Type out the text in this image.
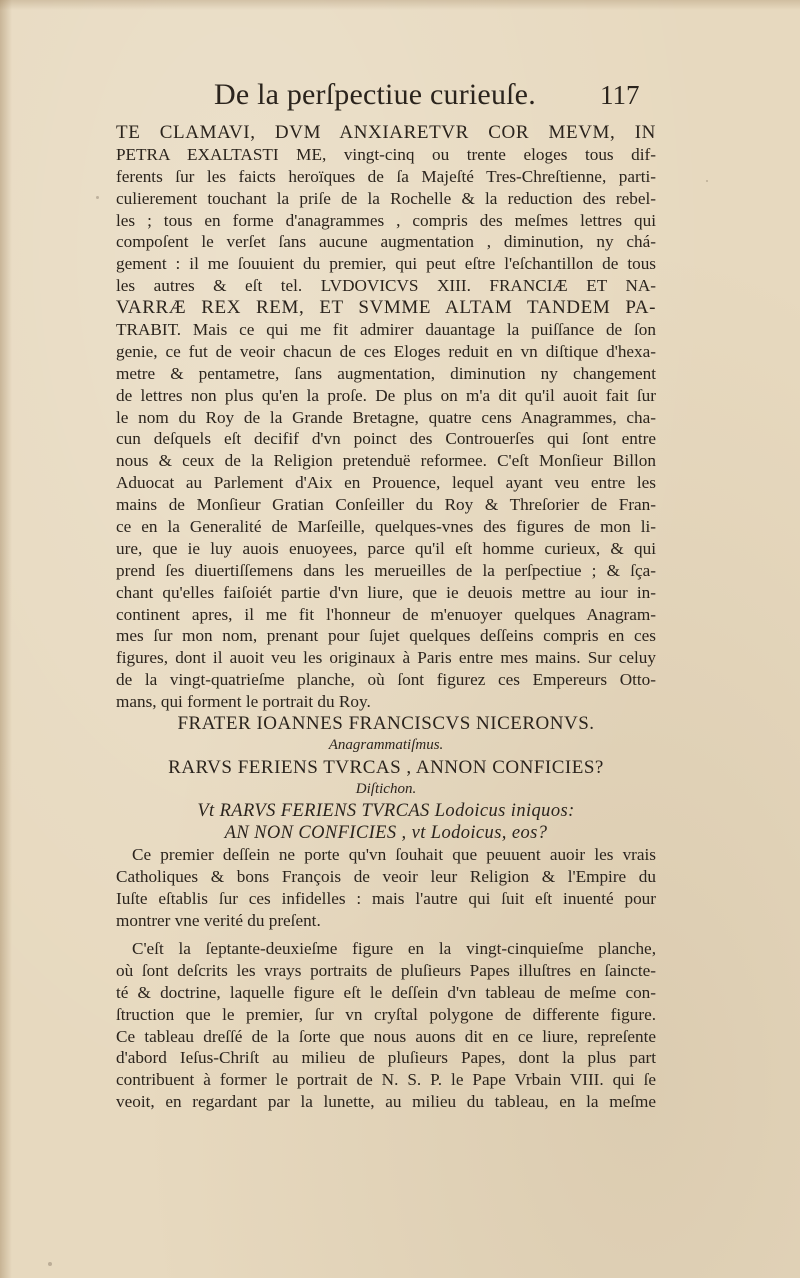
De la perſpectiue curieuſe. 117
TE CLAMAVI, DVM ANXIARETVR COR MEVM, IN
PETRA EXALTASTI ME, vingt-cinq ou trente eloges tous dif-
ferents ſur les faicts heroïques de ſa Majeſté Tres-Chreſtienne, parti-
culierement touchant la priſe de la Rochelle & la reduction des rebel-
les ; tous en forme d'anagrammes , compris des meſmes lettres qui
compoſent le verſet ſans aucune augmentation , diminution, ny chá-
gement : il me ſouuient du premier, qui peut eſtre l'eſchantillon de tous
les autres & eſt tel. LVDOVICVS XIII. FRANCIÆ ET NA-
VARRÆ REX REM, ET SVMME ALTAM TANDEM PA-
TRABIT. Mais ce qui me fit admirer dauantage la puiſſance de ſon
genie, ce fut de veoir chacun de ces Eloges reduit en vn diſtique d'hexa-
metre & pentametre, ſans augmentation, diminution ny changement
de lettres non plus qu'en la proſe. De plus on m'a dit qu'il auoit fait ſur
le nom du Roy de la Grande Bretagne, quatre cens Anagrammes, cha-
cun deſquels eſt decifif d'vn poinct des Controuerſes qui ſont entre
nous & ceux de la Religion pretenduë reformee. C'eſt Monſieur Billon
Aduocat au Parlement d'Aix en Prouence, lequel ayant veu entre les
mains de Monſieur Gratian Conſeiller du Roy & Threſorier de Fran-
ce en la Generalité de Marſeille, quelques-vnes des figures de mon li-
ure, que ie luy auois enuoyees, parce qu'il eſt homme curieux, & qui
prend ſes diuertiſſemens dans les merueilles de la perſpectiue ; & ſça-
chant qu'elles faiſoiét partie d'vn liure, que ie deuois mettre au iour in-
continent apres, il me fit l'honneur de m'enuoyer quelques Anagram-
mes ſur mon nom, prenant pour ſujet quelques deſſeins compris en ces
figures, dont il auoit veu les originaux à Paris entre mes mains. Sur celuy
de la vingt-quatrieſme planche, où ſont figurez ces Empereurs Otto-
mans, qui forment le portrait du Roy.
FRATER IOANNES FRANCISCVS NICERONVS.
Anagrammatiſmus.
RARVS FERIENS TVRCAS , ANNON CONFICIES?
Diſtichon.
Vt RARVS FERIENS TVRCAS Lodoicus iniquos:
AN NON CONFICIES , vt Lodoicus, eos?
Ce premier deſſein ne porte qu'vn ſouhait que peuuent auoir les vrais
Catholiques & bons François de veoir leur Religion & l'Empire du
Iuſte eſtablis ſur ces infidelles : mais l'autre qui ſuit eſt inuenté pour
montrer vne verité du preſent.
C'eſt la ſeptante-deuxieſme figure en la vingt-cinquieſme planche,
où ſont deſcrits les vrays portraits de pluſieurs Papes illuſtres en ſaincte-
té & doctrine, laquelle figure eſt le deſſein d'vn tableau de meſme con-
ſtruction que le premier, ſur vn cryſtal polygone de differente figure.
Ce tableau dreſſé de la ſorte que nous auons dit en ce liure, repreſente
d'abord Ieſus-Chriſt au milieu de pluſieurs Papes, dont la plus part
contribuent à former le portrait de N. S. P. le Pape Vrbain VIII. qui ſe
veoit, en regardant par la lunette, au milieu du tableau, en la meſme
